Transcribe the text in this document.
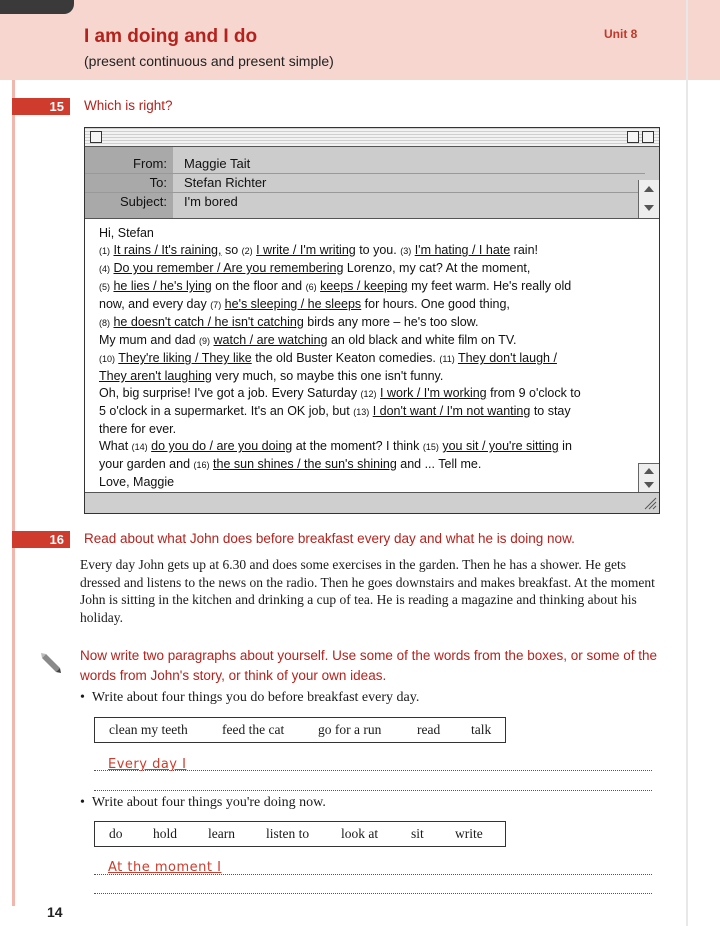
I am doing and I do
(present continuous and present simple)
Unit 8
15	Which is right?
From: Maggie Tait
To: Stefan Richter
Subject: I'm bored

Hi, Stefan

(1) It rains / It's raining, so (2) I write / I'm writing to you. (3) I'm hating / I hate rain!

(4) Do you remember / Are you remembering Lorenzo, my cat? At the moment,

(5) he lies / he's lying on the floor and (6) keeps / keeping my feet warm. He's really old

now, and every day (7) he's sleeping / he sleeps for hours. One good thing,

(8) he doesn't catch / he isn't catching birds any more – he's too slow.

My mum and dad (9) watch / are watching an old black and white film on TV.

(10) They're liking / They like the old Buster Keaton comedies. (11) They don't laugh /

They aren't laughing very much, so maybe this one isn't funny.

Oh, big surprise! I've got a job. Every Saturday (12) I work / I'm working from 9 o'clock to

5 o'clock in a supermarket. It's an OK job, but (13) I don't want / I'm not wanting to stay

there for ever.

What (14) do you do / are you doing at the moment? I think (15) you sit / you're sitting in

your garden and (16) the sun shines / the sun's shining and ... Tell me.

Love, Maggie

16	Read about what John does before breakfast every day and what he is doing now.
Every day John gets up at 6.30 and does some exercises in the garden. Then he has a shower. He gets dressed and listens to the news on the radio. Then he goes downstairs and makes breakfast. At the moment John is sitting in the kitchen and drinking a cup of tea. He is reading a magazine and thinking about his holiday.
Now write two paragraphs about yourself. Use some of the words from the boxes, or some of the words from John's story, or think of your own ideas.
•  Write about four things you do before breakfast every day.
clean my teeth	feed the cat	go for a run	read talk
Every day I
•  Write about four things you're doing now.
do hold learn listen to look at sit write
At the moment I
14
